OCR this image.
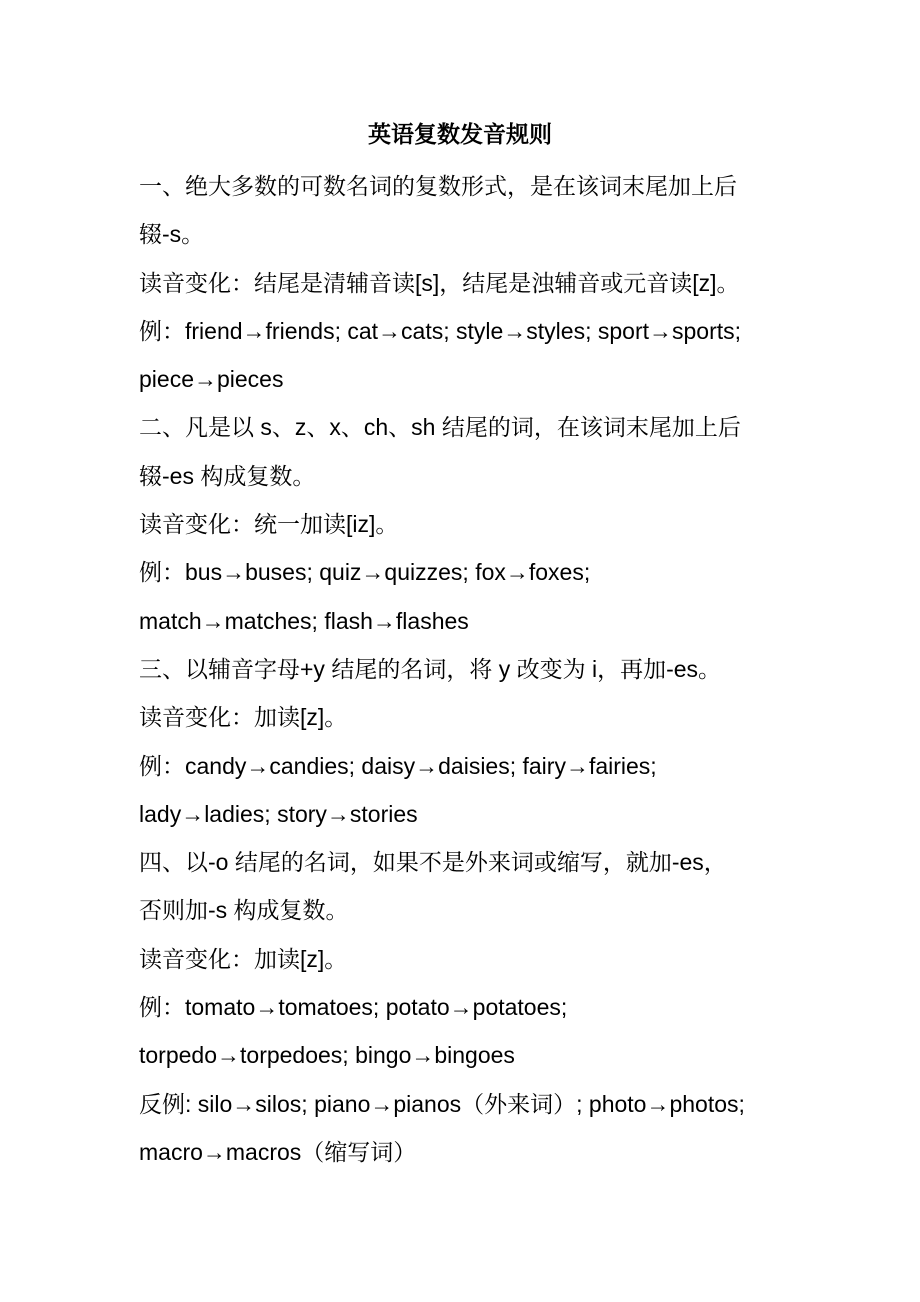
英语复数发音规则
一、绝大多数的可数名词的复数形式，是在该词末尾加上后
辍-s。
读音变化：结尾是清辅音读[s]，结尾是浊辅音或元音读[z]。
例：friend→friends; cat→cats; style→styles; sport→sports;
piece→pieces
二、凡是以 s、z、x、ch、sh 结尾的词，在该词末尾加上后
辍-es 构成复数。
读音变化：统一加读[iz]。
例：bus→buses; quiz→quizzes; fox→foxes;
match→matches; flash→flashes
三、以辅音字母+y 结尾的名词，将 y 改变为 i，再加-es。
读音变化：加读[z]。
例：candy→candies; daisy→daisies; fairy→fairies;
lady→ladies; story→stories
四、以-o 结尾的名词，如果不是外来词或缩写，就加-es，
否则加-s 构成复数。
读音变化：加读[z]。
例：tomato→tomatoes; potato→potatoes;
torpedo→torpedoes; bingo→bingoes
反例: silo→silos; piano→pianos（外来词）; photo→photos;
macro→macros（缩写词）
